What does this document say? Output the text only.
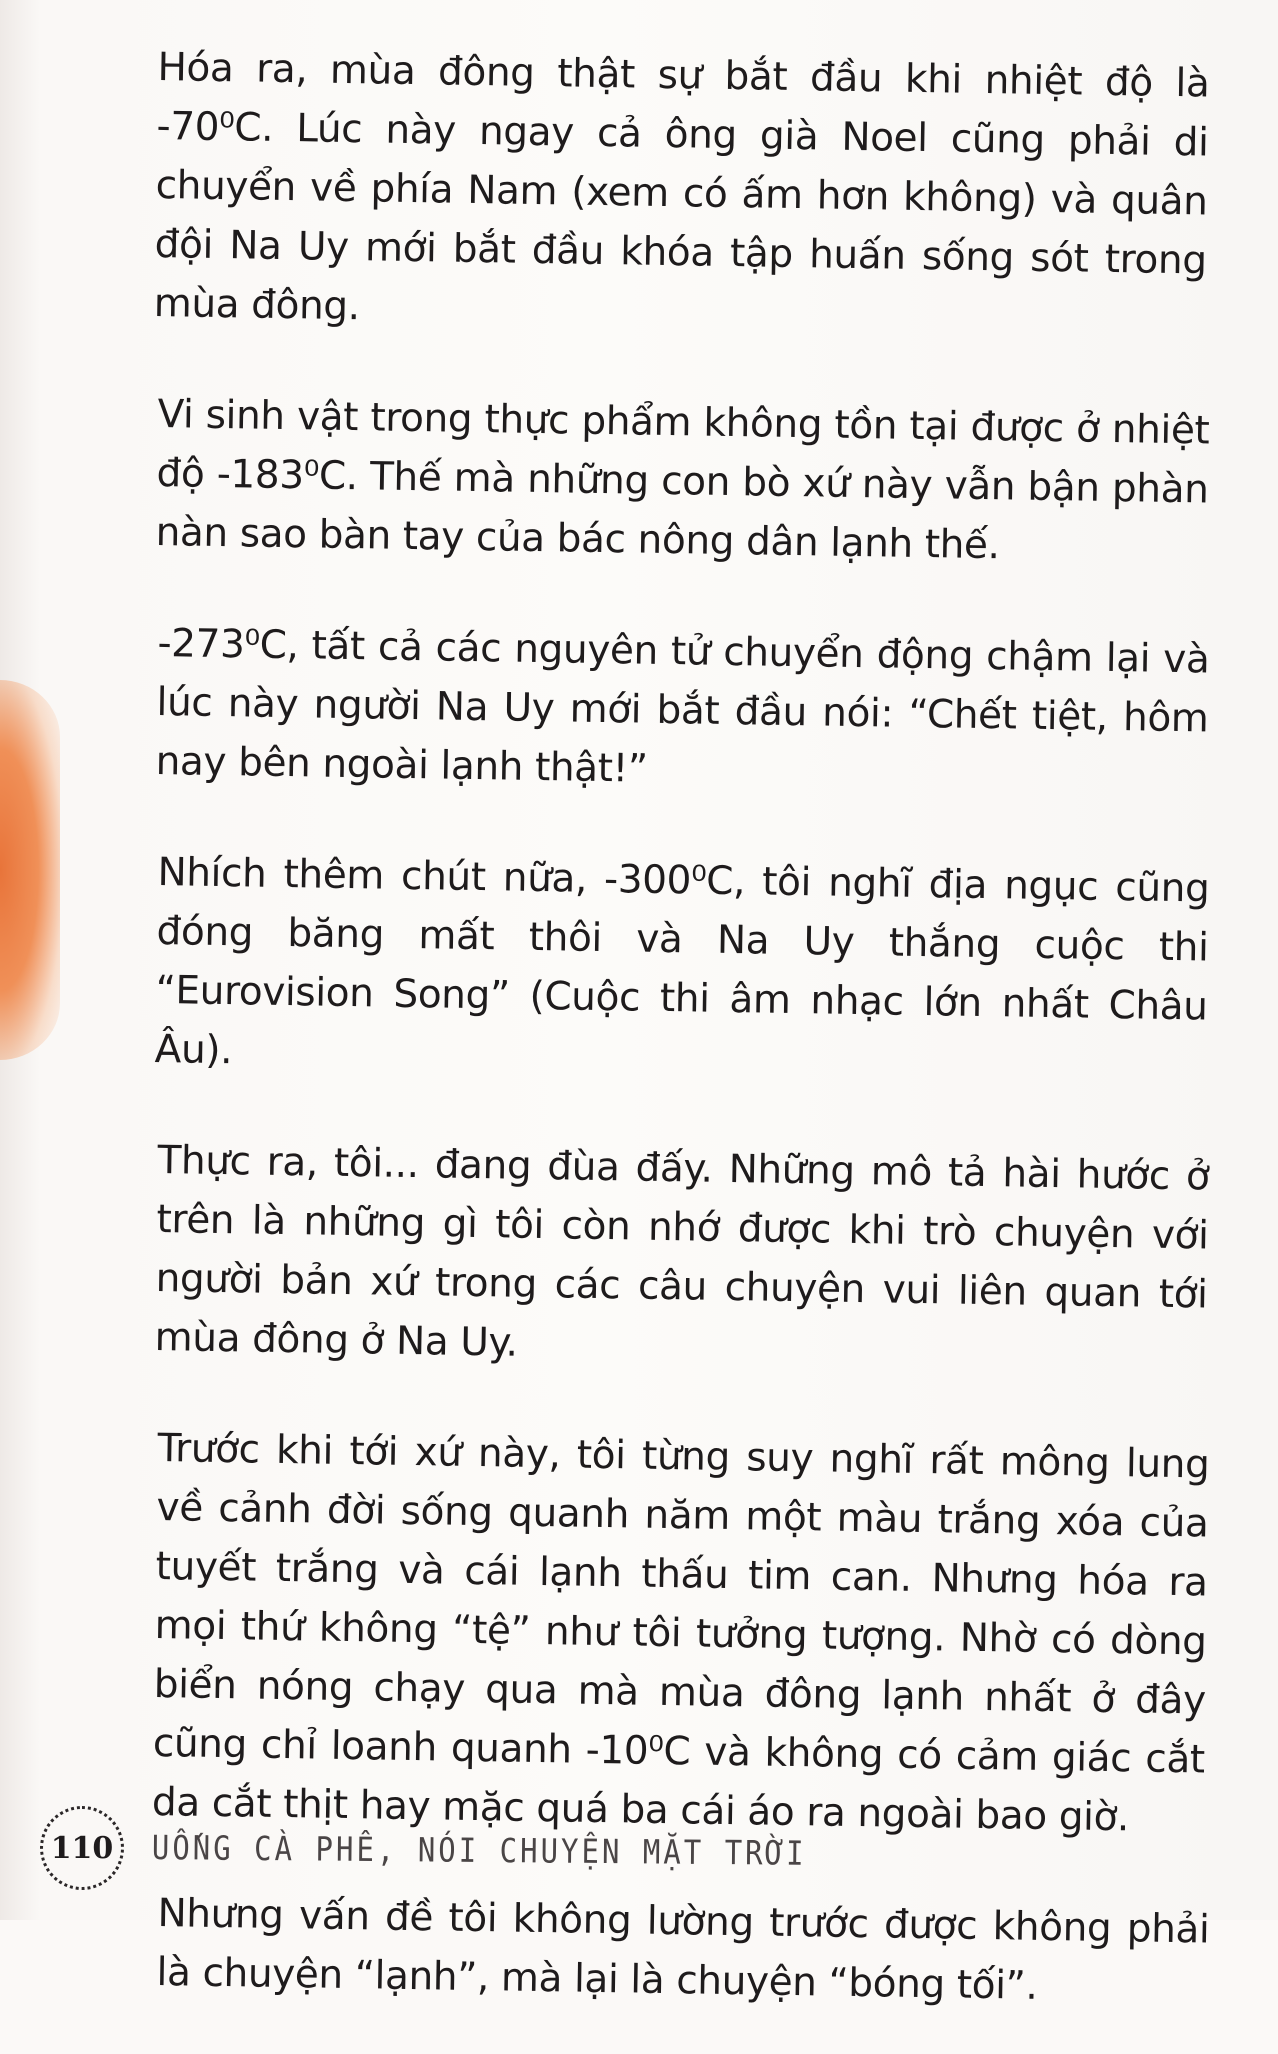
Hóa ra, mùa đông thật sự bắt đầu khi nhiệt độ là -70⁰C. Lúc này ngay cả ông già Noel cũng phải di chuyển về phía Nam (xem có ấm hơn không) và quân đội Na Uy mới bắt đầu khóa tập huấn sống sót trong mùa đông.

Vi sinh vật trong thực phẩm không tồn tại được ở nhiệt độ -183⁰C. Thế mà những con bò xứ này vẫn bận phàn nàn sao bàn tay của bác nông dân lạnh thế.

-273⁰C, tất cả các nguyên tử chuyển động chậm lại và lúc này người Na Uy mới bắt đầu nói: “Chết tiệt, hôm nay bên ngoài lạnh thật!”

Nhích thêm chút nữa, -300⁰C, tôi nghĩ địa ngục cũng đóng băng mất thôi và Na Uy thắng cuộc thi “Eurovision Song” (Cuộc thi âm nhạc lớn nhất Châu Âu).

Thực ra, tôi... đang đùa đấy. Những mô tả hài hước ở trên là những gì tôi còn nhớ được khi trò chuyện với người bản xứ trong các câu chuyện vui liên quan tới mùa đông ở Na Uy.

Trước khi tới xứ này, tôi từng suy nghĩ rất mông lung về cảnh đời sống quanh năm một màu trắng xóa của tuyết trắng và cái lạnh thấu tim can. Nhưng hóa ra mọi thứ không “tệ” như tôi tưởng tượng. Nhờ có dòng biển nóng chạy qua mà mùa đông lạnh nhất ở đây cũng chỉ loanh quanh -10⁰C và không có cảm giác cắt da cắt thịt hay mặc quá ba cái áo ra ngoài bao giờ.

Nhưng vấn đề tôi không lường trước được không phải là chuyện “lạnh”, mà lại là chuyện “bóng tối”.

110	UỐNG CÀ PHÊ, NÓI CHUYỆN MẶT TRỜI
